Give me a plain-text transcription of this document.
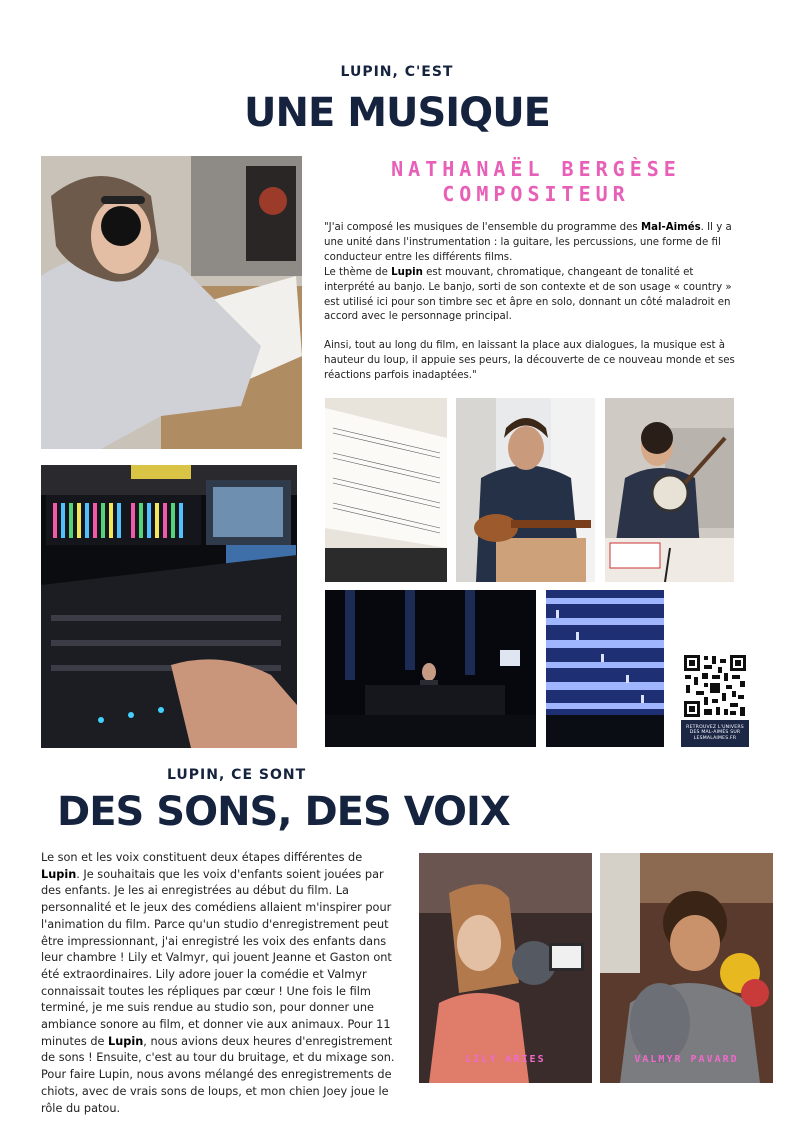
LUPIN, C'EST
UNE MUSIQUE
NATHANAËL BERGÈSE
COMPOSITEUR
"J'ai composé les musiques de l'ensemble du programme des Mal-Aimés. Il y a une unité dans l'instrumentation : la guitare, les percussions, une forme de fil conducteur entre les différents films.
Le thème de Lupin est mouvant, chromatique, changeant de tonalité et interprété au banjo. Le banjo, sorti de son contexte et de son usage « country » est utilisé ici pour son timbre sec et âpre en solo, donnant un côté maladroit en accord avec le personnage principal.
Ainsi, tout au long du film, en laissant la place aux dialogues, la musique est à hauteur du loup, il appuie ses peurs, la découverte de ce nouveau monde et ses réactions parfois inadaptées."
RETROUVEZ L'UNIVERS DES MAL-AIMÉS SUR LESMALAIMES.FR
LUPIN, CE SONT
DES SONS, DES VOIX
Le son et les voix constituent deux étapes différentes de Lupin. Je souhaitais que les voix d'enfants soient jouées par des enfants. Je les ai enregistrées au début du film. La personnalité et le jeux des comédiens allaient m'inspirer pour l'animation du film. Parce qu'un studio d'enregistrement peut être impressionnant, j'ai enregistré les voix des enfants dans leur chambre ! Lily et Valmyr, qui jouent Jeanne et Gaston ont été extraordinaires. Lily adore jouer la comédie et Valmyr connaissait toutes les répliques par cœur ! Une fois le film terminé, je me suis rendue au studio son, pour donner une ambiance sonore au film, et donner vie aux animaux. Pour 11 minutes de Lupin, nous avions deux heures d'enregistrement de sons ! Ensuite, c'est au tour du bruitage, et du mixage son. Pour faire Lupin, nous avons mélangé des enregistrements de chiots, avec de vrais sons de loups, et mon chien Joey joue le rôle du patou.
LILY ARIES	VALMYR PAVARD
